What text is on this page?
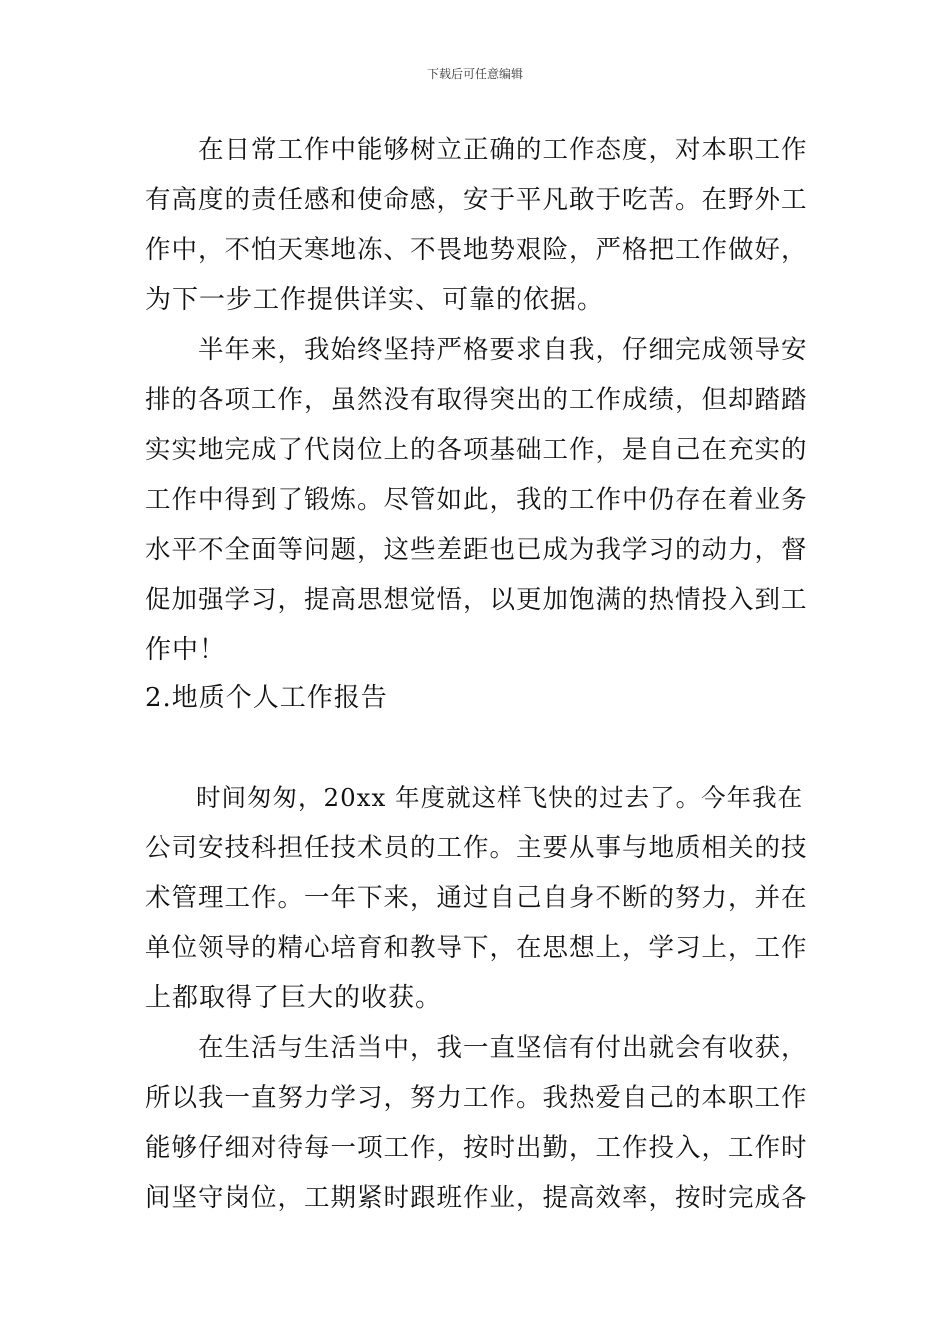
下载后可任意编辑
　　在日常工作中能够树立正确的工作态度，对本职工作
有高度的责任感和使命感，安于平凡敢于吃苦。在野外工
作中，不怕天寒地冻、不畏地势艰险，严格把工作做好，
为下一步工作提供详实、可靠的依据。
　　半年来，我始终坚持严格要求自我，仔细完成领导安
排的各项工作，虽然没有取得突出的工作成绩，但却踏踏
实实地完成了代岗位上的各项基础工作，是自己在充实的
工作中得到了锻炼。尽管如此，我的工作中仍存在着业务
水平不全面等问题，这些差距也已成为我学习的动力，督
促加强学习，提高思想觉悟，以更加饱满的热情投入到工
作中！
2.地质个人工作报告
　　时间匆匆，20xx 年度就这样飞快的过去了。今年我在
公司安技科担任技术员的工作。主要从事与地质相关的技
术管理工作。一年下来，通过自己自身不断的努力，并在
单位领导的精心培育和教导下，在思想上，学习上，工作
上都取得了巨大的收获。
　　在生活与生活当中，我一直坚信有付出就会有收获，
所以我一直努力学习，努力工作。我热爱自己的本职工作
能够仔细对待每一项工作，按时出勤，工作投入，工作时
间坚守岗位，工期紧时跟班作业，提高效率，按时完成各
